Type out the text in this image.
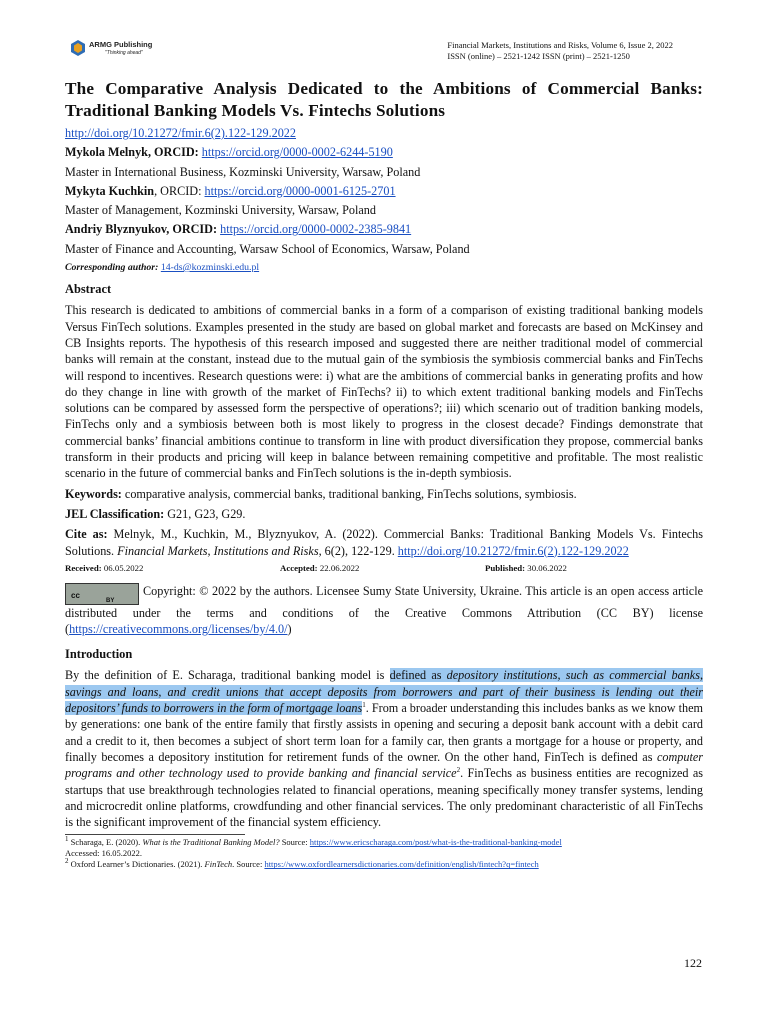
ARMG Publishing
"Thinking ahead"
Financial Markets, Institutions and Risks, Volume 6, Issue 2, 2022
ISSN (online) – 2521-1242 ISSN (print) – 2521-1250
The Comparative Analysis Dedicated to the Ambitions of Commercial Banks: Traditional Banking Models Vs. Fintechs Solutions

http://doi.org/10.21272/fmir.6(2).122-129.2022

Mykola Melnyk, ORCID: https://orcid.org/0000-0002-6244-5190

Master in International Business, Kozminski University, Warsaw, Poland

Mykyta Kuchkin, ORCID: https://orcid.org/0000-0001-6125-2701

Master of Management, Kozminski University, Warsaw, Poland

Andriy Blyznyukov, ORCID: https://orcid.org/0000-0002-2385-9841

Master of Finance and Accounting, Warsaw School of Economics, Warsaw, Poland

Corresponding author: 14-ds@kozminski.edu.pl

Abstract

This research is dedicated to ambitions of commercial banks in a form of a comparison of existing traditional banking models Versus FinTech solutions. Examples presented in the study are based on global market and forecasts are based on McKinsey and CB Insights reports. The hypothesis of this research imposed and suggested there are neither traditional model of commercial banks will remain at the constant, instead due to the mutual gain of the symbiosis the symbiosis commercial banks and FinTechs will respond to incentives. Research questions were: i) what are the ambitions of commercial banks in generating profits and how do they change in line with growth of the market of FinTechs? ii) to which extent traditional banking models and FinTechs solutions can be compared by assessed form the perspective of operations?; iii) which scenario out of tradition banking models, FinTechs only and a symbiosis between both is most likely to progress in the closest decade? Findings demonstrate that commercial banks’ financial ambitions continue to transform in line with product diversification they propose, commercial banks transform in their products and pricing will keep in balance between remaining competitive and profitable. The most realistic scenario in the future of commercial banks and FinTech solutions is the in-depth symbiosis.

Keywords: comparative analysis, commercial banks, traditional banking, FinTechs solutions, symbiosis.

JEL Classification: G21, G23, G29.

Cite as: Melnyk, M., Kuchkin, M., Blyznyukov, A. (2022). Commercial Banks: Traditional Banking Models Vs. Fintechs Solutions. Financial Markets, Institutions and Risks, 6(2), 122-129. http://doi.org/10.21272/fmir.6(2).122-129.2022

Received: 06.05.2022	Accepted: 22.06.2022	Published: 30.06.2022

cc
BY
Copyright: © 2022 by the authors. Licensee Sumy State University, Ukraine. This article is an open access article distributed under the terms and conditions of the Creative Commons Attribution (CC BY) license (https://creativecommons.org/licenses/by/4.0/)

Introduction

By the definition of E. Scharaga, traditional banking model is defined as depository institutions, such as commercial banks, savings and loans, and credit unions that accept deposits from borrowers and part of their business is lending out their depositors’ funds to borrowers in the form of mortgage loans$^1$. From a broader understanding this includes banks as we know them by generations: one bank of the entire family that firstly assists in opening and securing a deposit bank account with a debit card and a credit to it, then becomes a subject of short term loan for a family car, then grants a mortgage for a house or property, and finally becomes a depository institution for retirement funds of the owner. On the other hand, FinTech is defined as computer programs and other technology used to provide banking and financial service$^2$. FinTechs as business entities are recognized as startups that use breakthrough technologies related to financial operations, meaning specifically money transfer systems, lending and microcredit online platforms, crowdfunding and other financial services. The only predominant characteristic of all FinTechs is the significant improvement of the financial system efficiency.

$^1$ Scharaga, E. (2020). What is the Traditional Banking Model? Source: https://www.ericscharaga.com/post/what-is-the-traditional-banking-model
Accessed: 16.05.2022.
$^2$ Oxford Learner’s Dictionaries. (2021). FinTech. Source: https://www.oxfordlearnersdictionaries.com/definition/english/fintech?q=fintech
122
